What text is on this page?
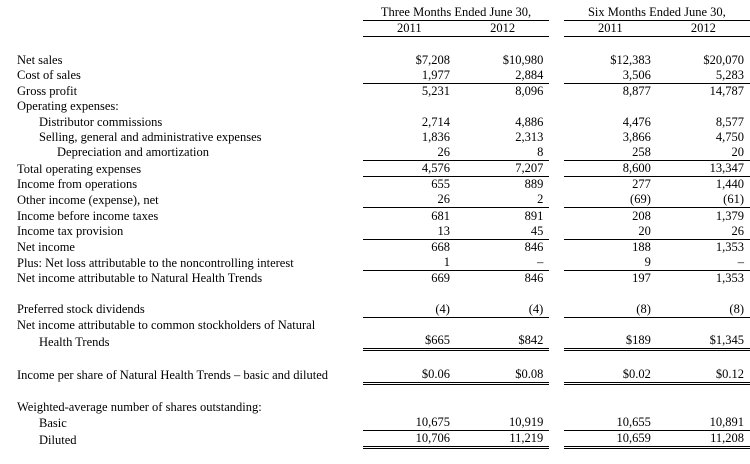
		Three Months Ended June 30,			Six Months Ended June 30,	
		2011	2012		2011	2012

Net sales		$7,208	$10,980		$12,383	$20,070
Cost of sales		1,977	2,884		3,506	5,283
Gross profit		5,231	8,096		8,877	14,787
Operating expenses:						
Distributor commissions		2,714	4,886		4,476	8,577
Selling, general and administrative expenses		1,836	2,313		3,866	4,750
Depreciation and amortization		26	8		258	20
Total operating expenses		4,576	7,207		8,600	13,347
Income from operations		655	889		277	1,440
Other income (expense), net		26	2		(69)	(61)
Income before income taxes		681	891		208	1,379
Income tax provision		13	45		20	26
Net income		668	846		188	1,353
Plus: Net loss attributable to the noncontrolling interest		1	–		9	–
Net income attributable to Natural Health Trends		669	846		197	1,353

Preferred stock dividends		(4)	(4)		(8)	(8)
Net income attributable to common stockholders of Natural						
Health Trends		$665	$842		$189	$1,345

Income per share of Natural Health Trends – basic and diluted		$0.06	$0.08		$0.02	$0.12

Weighted-average number of shares outstanding:						
Basic		10,675	10,919		10,655	10,891
Diluted		10,706	11,219		10,659	11,208
